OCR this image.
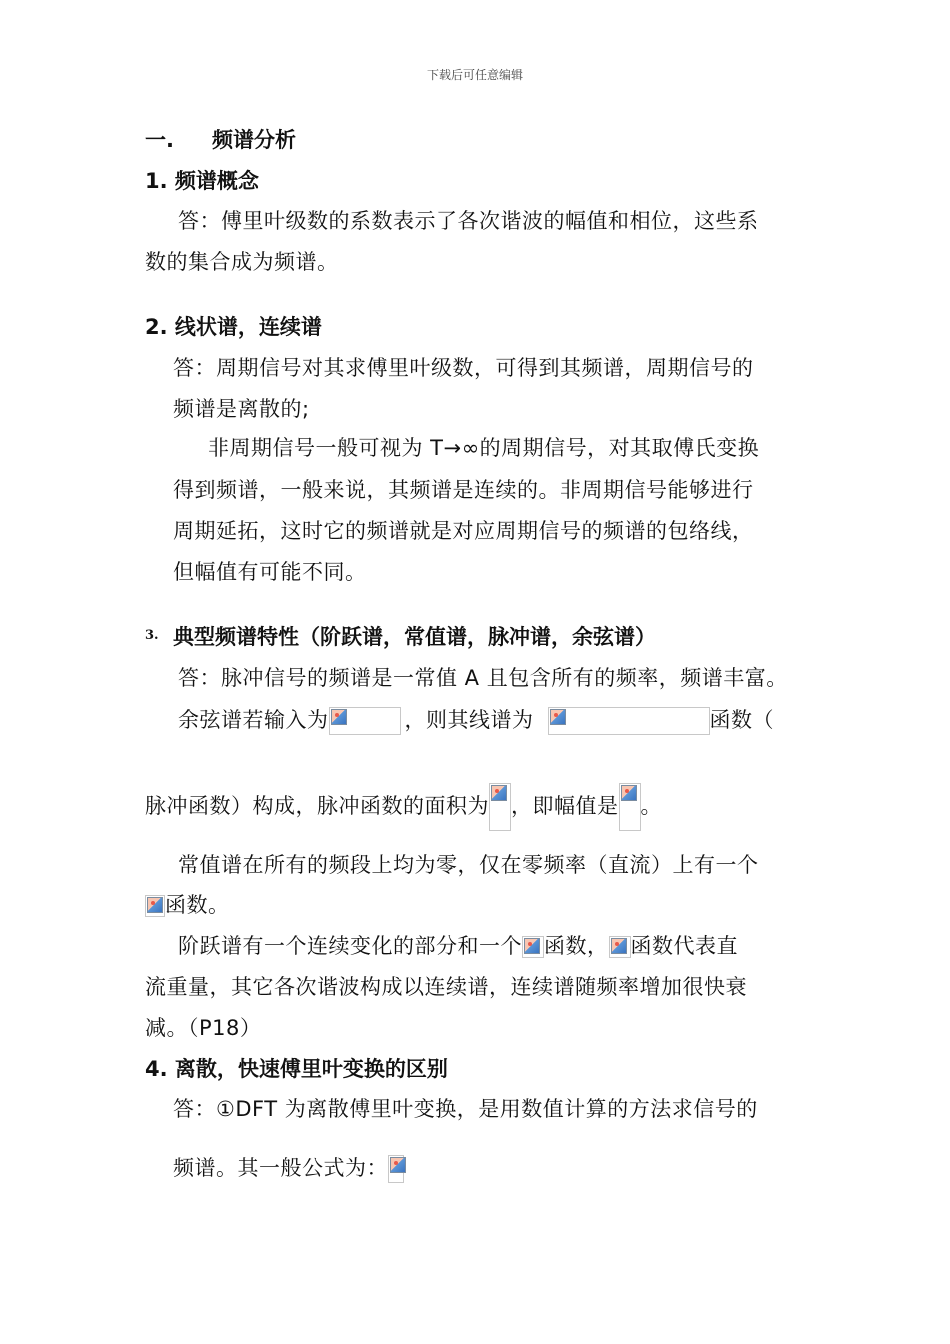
下载后可任意编辑
一. 频谱分析
1. 频谱概念
答：傅里叶级数的系数表示了各次谐波的幅值和相位，这些系
数的集合成为频谱。
2. 线状谱，连续谱
答：周期信号对其求傅里叶级数，可得到其频谱，周期信号的
频谱是离散的;
非周期信号一般可视为 T→∞的周期信号，对其取傅氏变换
得到频谱，一般来说，其频谱是连续的。非周期信号能够进行
周期延拓，这时它的频谱就是对应周期信号的频谱的包络线，
但幅值有可能不同。
3. 典型频谱特性（阶跃谱，常值谱，脉冲谱，余弦谱）
答：脉冲信号的频谱是一常值 A 且包含所有的频率，频谱丰富。
余弦谱若输入为	，则其线谱为	函数（
脉冲函数）构成，脉冲函数的面积为 ，即幅值是 。
常值谱在所有的频段上均为零，仅在零频率（直流）上有一个
函数。
阶跃谱有一个连续变化的部分和一个 函数， 函数代表直
流重量，其它各次谐波构成以连续谱，连续谱随频率增加很快衰
减。（P18）
4. 离散，快速傅里叶变换的区别
答：①DFT 为离散傅里叶变换，是用数值计算的方法求信号的
频谱。其一般公式为：
